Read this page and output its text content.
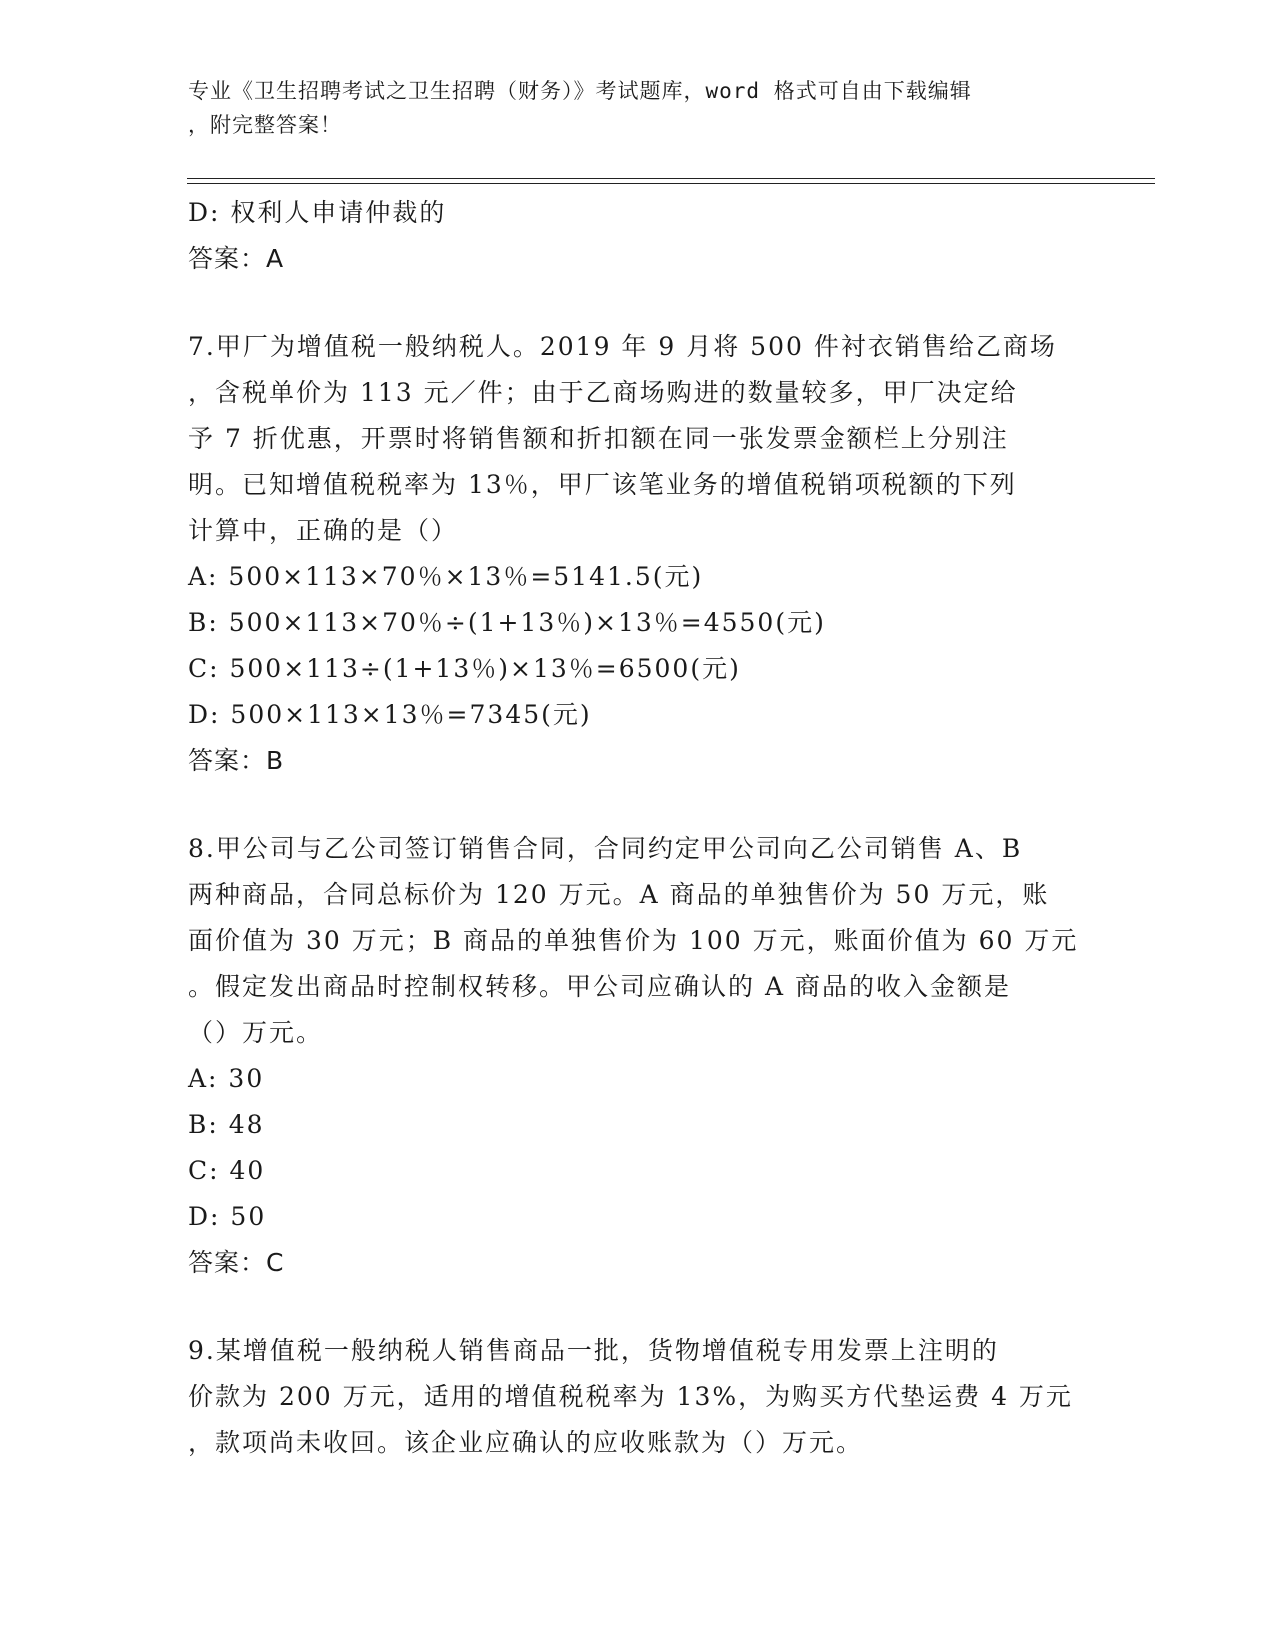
专业《卫生招聘考试之卫生招聘（财务）》考试题库，word 格式可自由下载编辑
，附完整答案！
D: 权利人申请仲裁的
答案：A
7.甲厂为增值税一般纳税人。2019 年 9 月将 500 件衬衣销售给乙商场
，含税单价为 113 元／件；由于乙商场购进的数量较多，甲厂决定给
予 7 折优惠，开票时将销售额和折扣额在同一张发票金额栏上分别注
明。已知增值税税率为 13％，甲厂该笔业务的增值税销项税额的下列
计算中，正确的是（）
A: 500×113×70％×13％=5141.5(元)
B: 500×113×70％÷(1+13％)×13％=4550(元)
C: 500×113÷(1+13％)×13％=6500(元)
D: 500×113×13％=7345(元)
答案：B
8.甲公司与乙公司签订销售合同，合同约定甲公司向乙公司销售 A、B
两种商品，合同总标价为 120 万元。A 商品的单独售价为 50 万元，账
面价值为 30 万元；B 商品的单独售价为 100 万元，账面价值为 60 万元
。假定发出商品时控制权转移。甲公司应确认的 A 商品的收入金额是
（）万元。
A: 30
B: 48
C: 40
D: 50
答案：C
9.某增值税一般纳税人销售商品一批，货物增值税专用发票上注明的
价款为 200 万元，适用的增值税税率为 13%，为购买方代垫运费 4 万元
，款项尚未收回。该企业应确认的应收账款为（）万元。
